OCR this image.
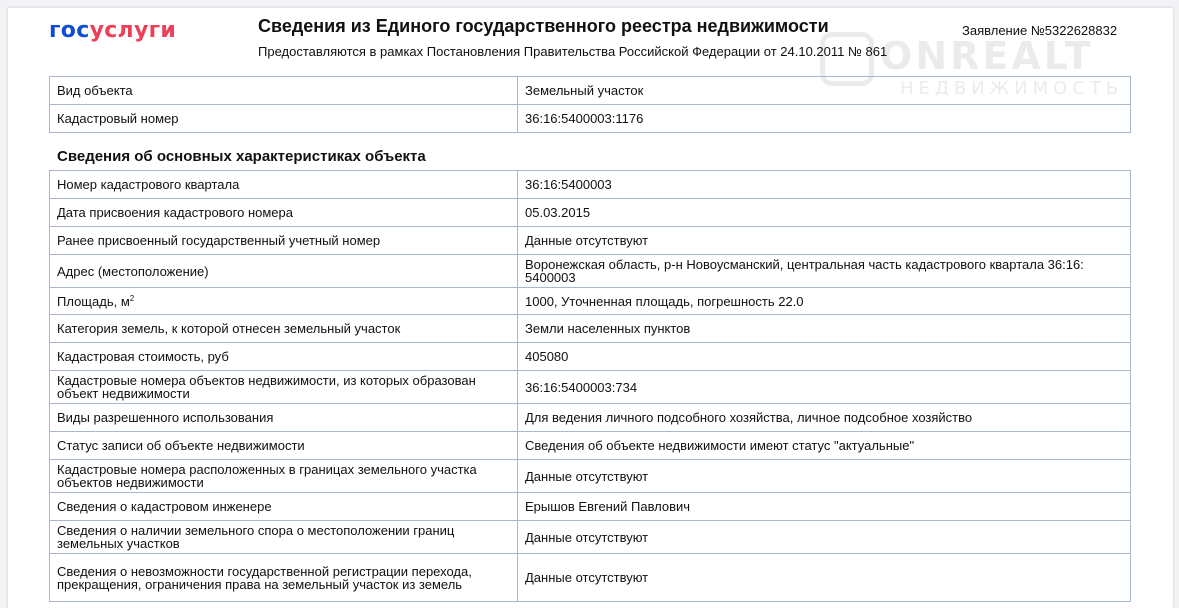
госуслуги	Сведения из Единого государственного реестра недвижимости
Предоставляются в рамках Постановления Правительства Российской Федерации от 24.10.2011 № 861
Заявление №5322628832
Вид объекта	Земельный участок
Кадастровый номер	36:16:5400003:1176
Сведения об основных характеристиках объекта
Номер кадастрового квартала	36:16:5400003
Дата присвоения кадастрового номера	05.03.2015
Ранее присвоенный государственный учетный номер	Данные отсутствуют
Адрес (местоположение)	Воронежская область, р-н Новоусманский, центральная часть кадастрового квартала 36:16: 5400003
Площадь, $м^2$	1000, Уточненная площадь, погрешность 22.0
Категория земель, к которой отнесен земельный участок	Земли населенных пунктов
Кадастровая стоимость, руб	405080
Кадастровые номера объектов недвижимости, из которых образован объект недвижимости	36:16:5400003:734
Виды разрешенного использования	Для ведения личного подсобного хозяйства, личное подсобное хозяйство
Статус записи об объекте недвижимости	Сведения об объекте недвижимости имеют статус "актуальные"
Кадастровые номера расположенных в границах земельного участка объектов недвижимости	Данные отсутствуют
Сведения о кадастровом инженере	Ерышов Евгений Павлович
Сведения о наличии земельного спора о местоположении границ земельных участков	Данные отсутствуют
Сведения о невозможности государственной регистрации перехода, прекращения, ограничения права на земельный участок из земель	Данные отсутствуют
